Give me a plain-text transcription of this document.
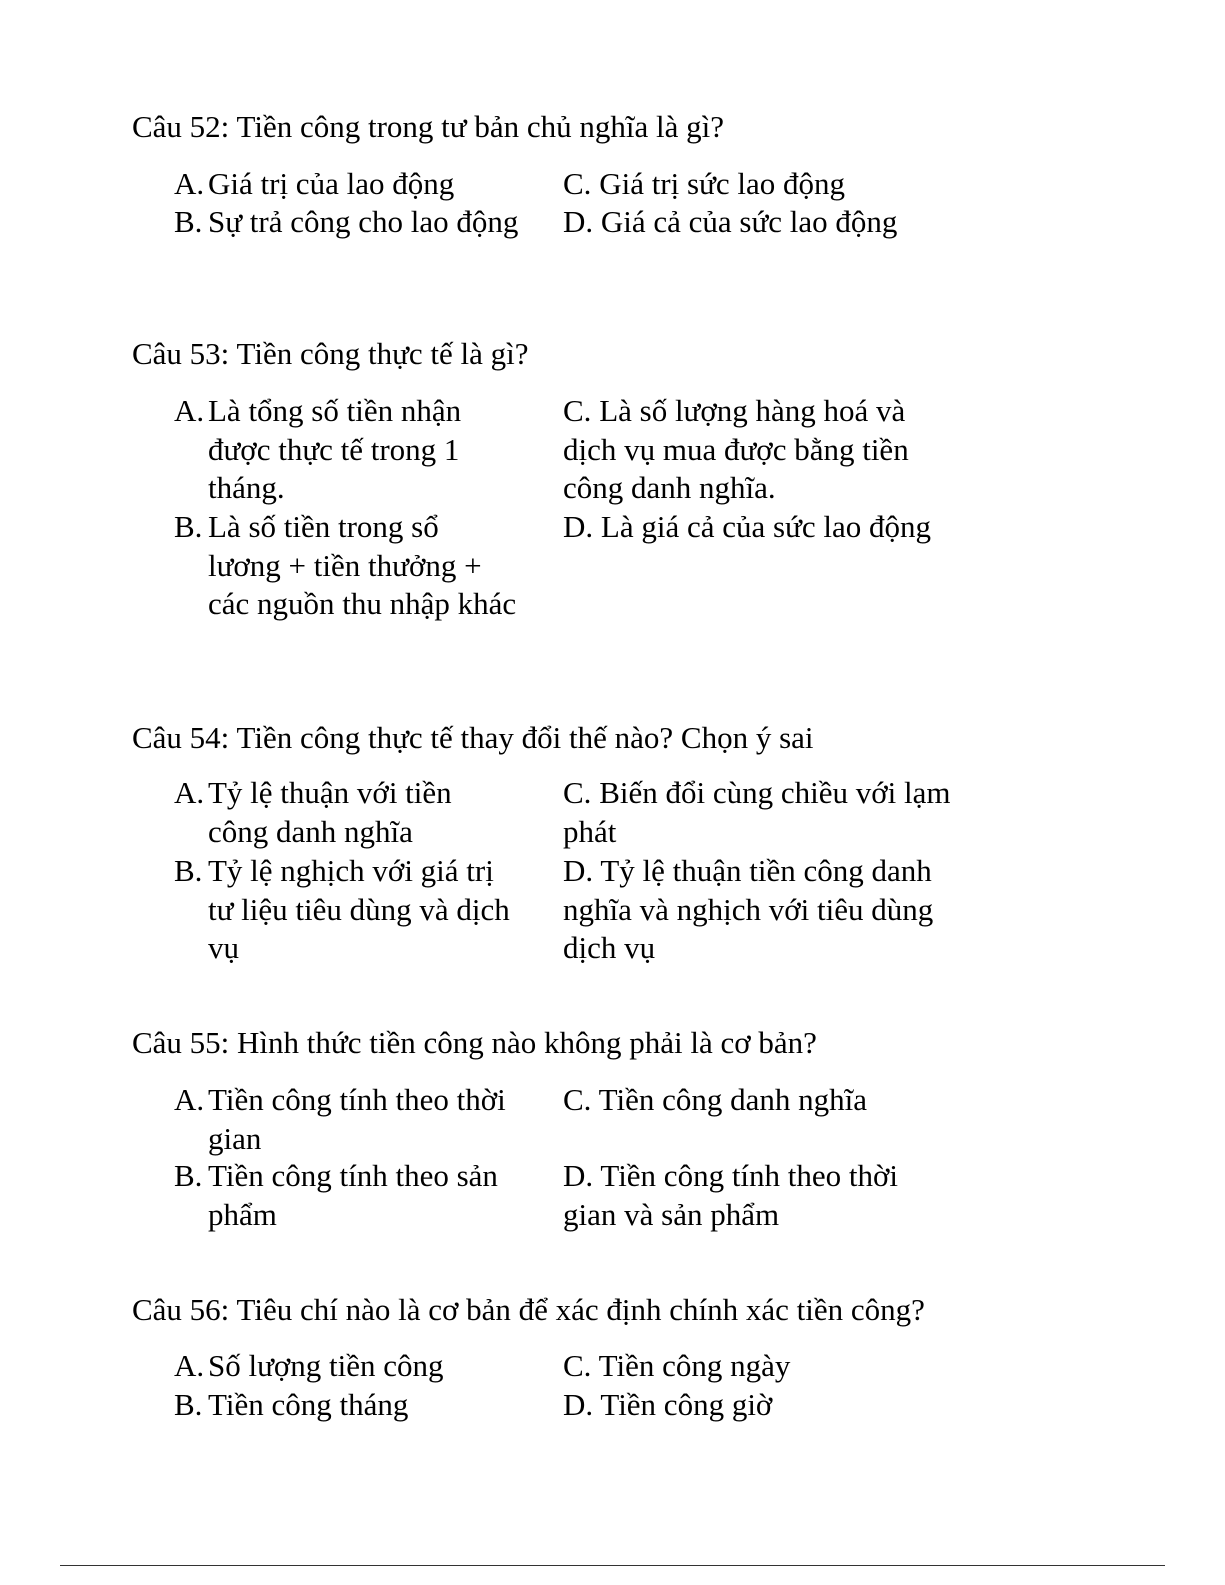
Câu 52: Tiền công trong tư bản chủ nghĩa là gì?
A. Giá trị của lao động
B. Sự trả công cho lao động
C. Giá trị sức lao động
D. Giá cả của sức lao động
Câu 53: Tiền công thực tế là gì?
A. Là tổng số tiền nhận được thực tế trong 1 tháng.
B. Là số tiền trong sổ lương + tiền thưởng + các nguồn thu nhập khác
C. Là số lượng hàng hoá và dịch vụ mua được bằng tiền công danh nghĩa.
D. Là giá cả của sức lao động
Câu 54: Tiền công thực tế thay đổi thế nào? Chọn ý sai
A. Tỷ lệ thuận với tiền công danh nghĩa
B. Tỷ lệ nghịch với giá trị tư liệu tiêu dùng và dịch vụ
C. Biến đổi cùng chiều với lạm phát
D. Tỷ lệ thuận tiền công danh nghĩa và nghịch với tiêu dùng dịch vụ
Câu 55: Hình thức tiền công nào không phải là cơ bản?
A. Tiền công tính theo thời gian
B. Tiền công tính theo sản phẩm
C. Tiền công danh nghĩa
D. Tiền công tính theo thời gian và sản phẩm
Câu 56: Tiêu chí nào là cơ bản để xác định chính xác tiền công?
A. Số lượng tiền công
B. Tiền công tháng
C. Tiền công ngày
D. Tiền công giờ
